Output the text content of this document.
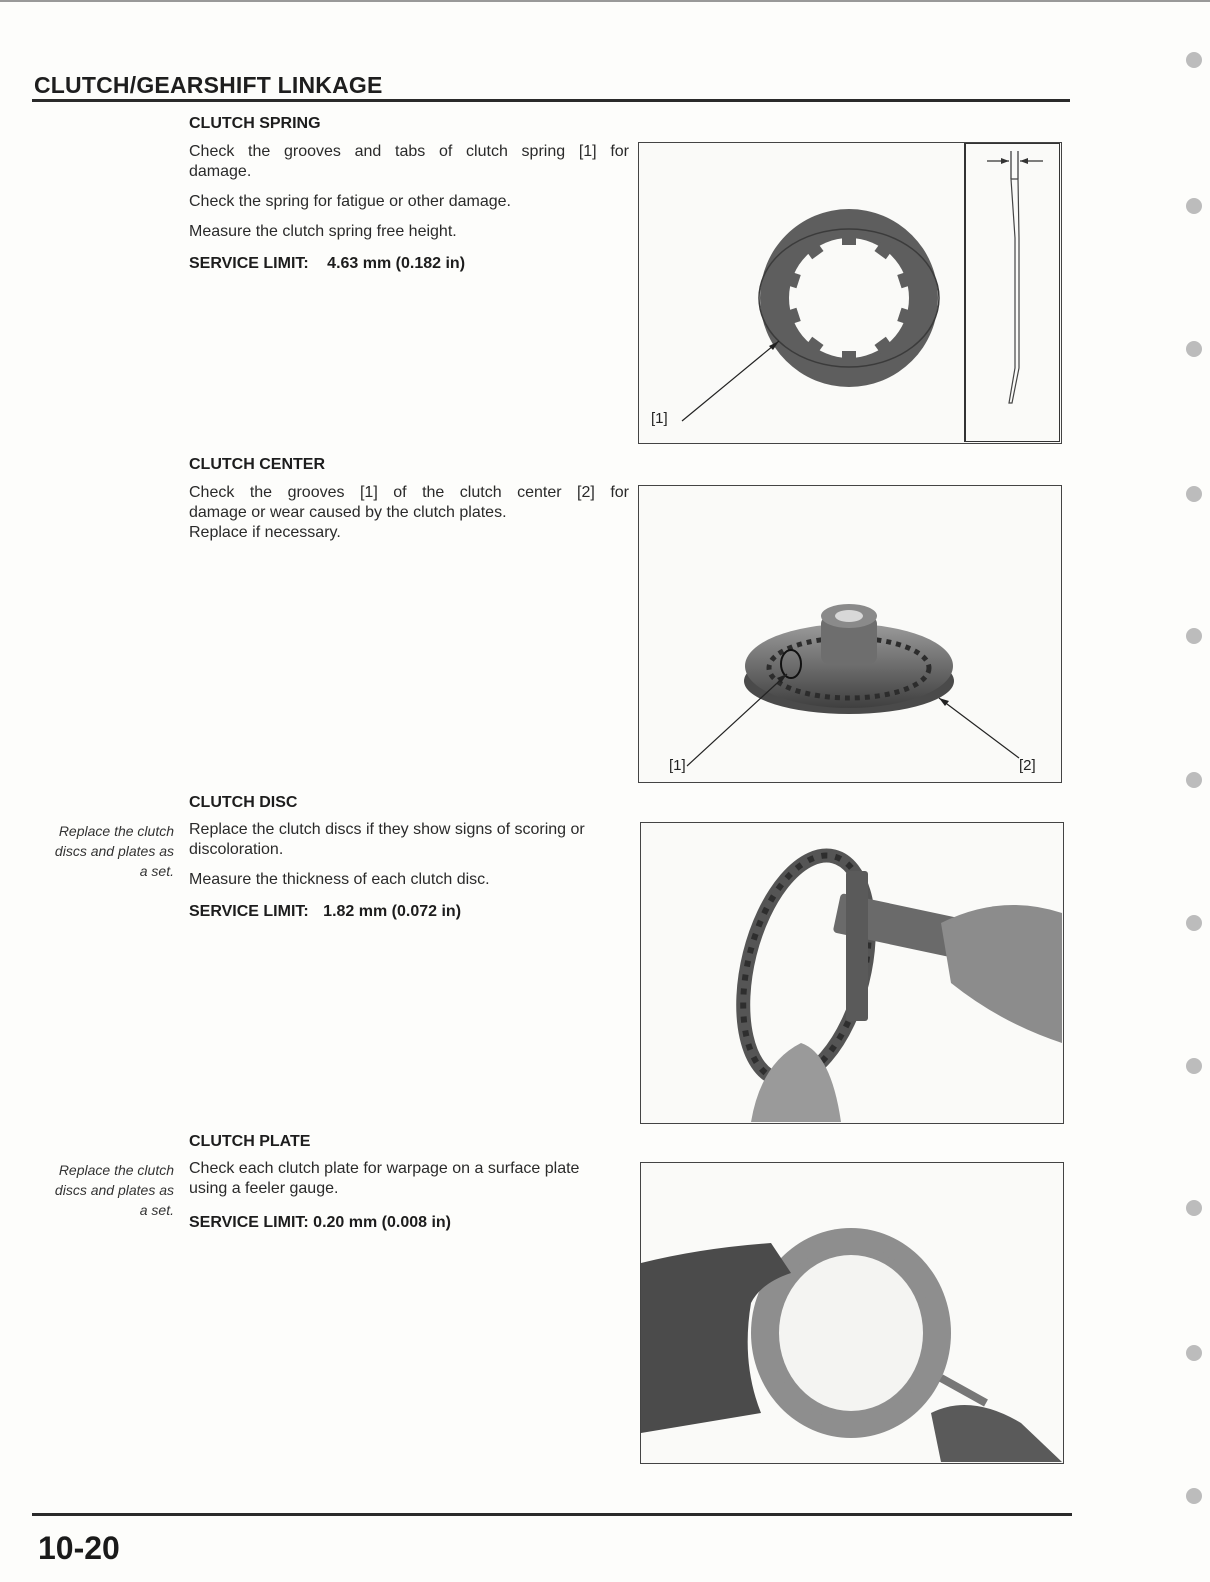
CLUTCH/GEARSHIFT LINKAGE
CLUTCH SPRING
Check the grooves and tabs of clutch spring [1] for
damage.
Check the spring for fatigue or other damage.
Measure the clutch spring free height.
SERVICE LIMIT: 4.63 mm (0.182 in)
[1]
CLUTCH CENTER
Check the grooves [1] of the clutch center [2] for
damage or wear caused by the clutch plates.
Replace if necessary.
[1]	[2]
CLUTCH DISC
Replace the clutch
discs and plates as
a set.
Replace the clutch discs if they show signs of scoring or
discoloration.
Measure the thickness of each clutch disc.
SERVICE LIMIT: 1.82 mm (0.072 in)
CLUTCH PLATE
Replace the clutch
discs and plates as
a set.
Check each clutch plate for warpage on a surface plate
using a feeler gauge.
SERVICE LIMIT: 0.20 mm (0.008 in)
10-20
